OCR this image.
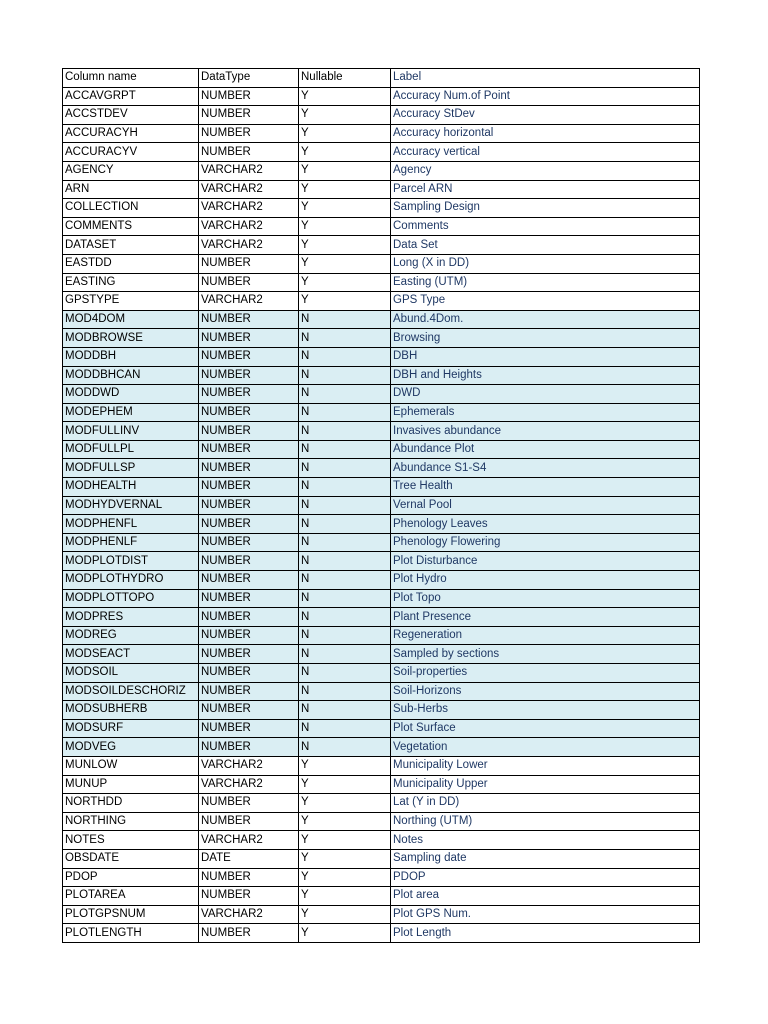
Column name	DataType	Nullable	Label
ACCAVGRPT	NUMBER	Y	Accuracy Num.of Point
ACCSTDEV	NUMBER	Y	Accuracy StDev
ACCURACYH	NUMBER	Y	Accuracy horizontal
ACCURACYV	NUMBER	Y	Accuracy vertical
AGENCY	VARCHAR2	Y	Agency
ARN	VARCHAR2	Y	Parcel ARN
COLLECTION	VARCHAR2	Y	Sampling Design
COMMENTS	VARCHAR2	Y	Comments
DATASET	VARCHAR2	Y	Data Set
EASTDD	NUMBER	Y	Long (X in DD)
EASTING	NUMBER	Y	Easting (UTM)
GPSTYPE	VARCHAR2	Y	GPS Type
MOD4DOM	NUMBER	N	Abund.4Dom.
MODBROWSE	NUMBER	N	Browsing
MODDBH	NUMBER	N	DBH
MODDBHCAN	NUMBER	N	DBH and Heights
MODDWD	NUMBER	N	DWD
MODEPHEM	NUMBER	N	Ephemerals
MODFULLINV	NUMBER	N	Invasives abundance
MODFULLPL	NUMBER	N	Abundance Plot
MODFULLSP	NUMBER	N	Abundance S1-S4
MODHEALTH	NUMBER	N	Tree Health
MODHYDVERNAL	NUMBER	N	Vernal Pool
MODPHENFL	NUMBER	N	Phenology Leaves
MODPHENLF	NUMBER	N	Phenology Flowering
MODPLOTDIST	NUMBER	N	Plot Disturbance
MODPLOTHYDRO	NUMBER	N	Plot Hydro
MODPLOTTOPO	NUMBER	N	Plot Topo
MODPRES	NUMBER	N	Plant Presence
MODREG	NUMBER	N	Regeneration
MODSEACT	NUMBER	N	Sampled by sections
MODSOIL	NUMBER	N	Soil-properties
MODSOILDESCHORIZ	NUMBER	N	Soil-Horizons
MODSUBHERB	NUMBER	N	Sub-Herbs
MODSURF	NUMBER	N	Plot Surface
MODVEG	NUMBER	N	Vegetation
MUNLOW	VARCHAR2	Y	Municipality Lower
MUNUP	VARCHAR2	Y	Municipality Upper
NORTHDD	NUMBER	Y	Lat (Y in DD)
NORTHING	NUMBER	Y	Northing (UTM)
NOTES	VARCHAR2	Y	Notes
OBSDATE	DATE	Y	Sampling date
PDOP	NUMBER	Y	PDOP
PLOTAREA	NUMBER	Y	Plot area
PLOTGPSNUM	VARCHAR2	Y	Plot GPS Num.
PLOTLENGTH	NUMBER	Y	Plot Length
